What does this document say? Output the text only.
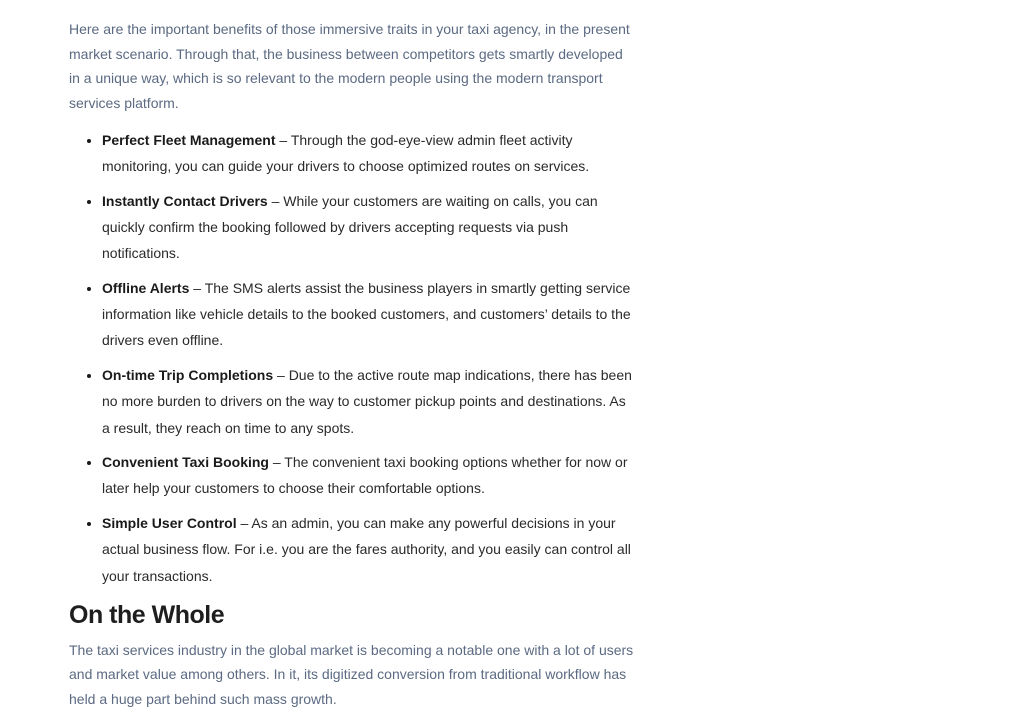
Here are the important benefits of those immersive traits in your taxi agency, in the present market scenario. Through that, the business between competitors gets smartly developed in a unique way, which is so relevant to the modern people using the modern transport services platform.

• Perfect Fleet Management – Through the god-eye-view admin fleet activity monitoring, you can guide your drivers to choose optimized routes on services.
• Instantly Contact Drivers – While your customers are waiting on calls, you can quickly confirm the booking followed by drivers accepting requests via push notifications.
• Offline Alerts – The SMS alerts assist the business players in smartly getting service information like vehicle details to the booked customers, and customers’ details to the drivers even offline.
• On-time Trip Completions – Due to the active route map indications, there has been no more burden to drivers on the way to customer pickup points and destinations. As a result, they reach on time to any spots.
• Convenient Taxi Booking – The convenient taxi booking options whether for now or later help your customers to choose their comfortable options.
• Simple User Control – As an admin, you can make any powerful decisions in your actual business flow. For i.e. you are the fares authority, and you easily can control all your transactions.
On the Whole

The taxi services industry in the global market is becoming a notable one with a lot of users and market value among others. In it, its digitized conversion from traditional workflow has held a huge part behind such mass growth.
